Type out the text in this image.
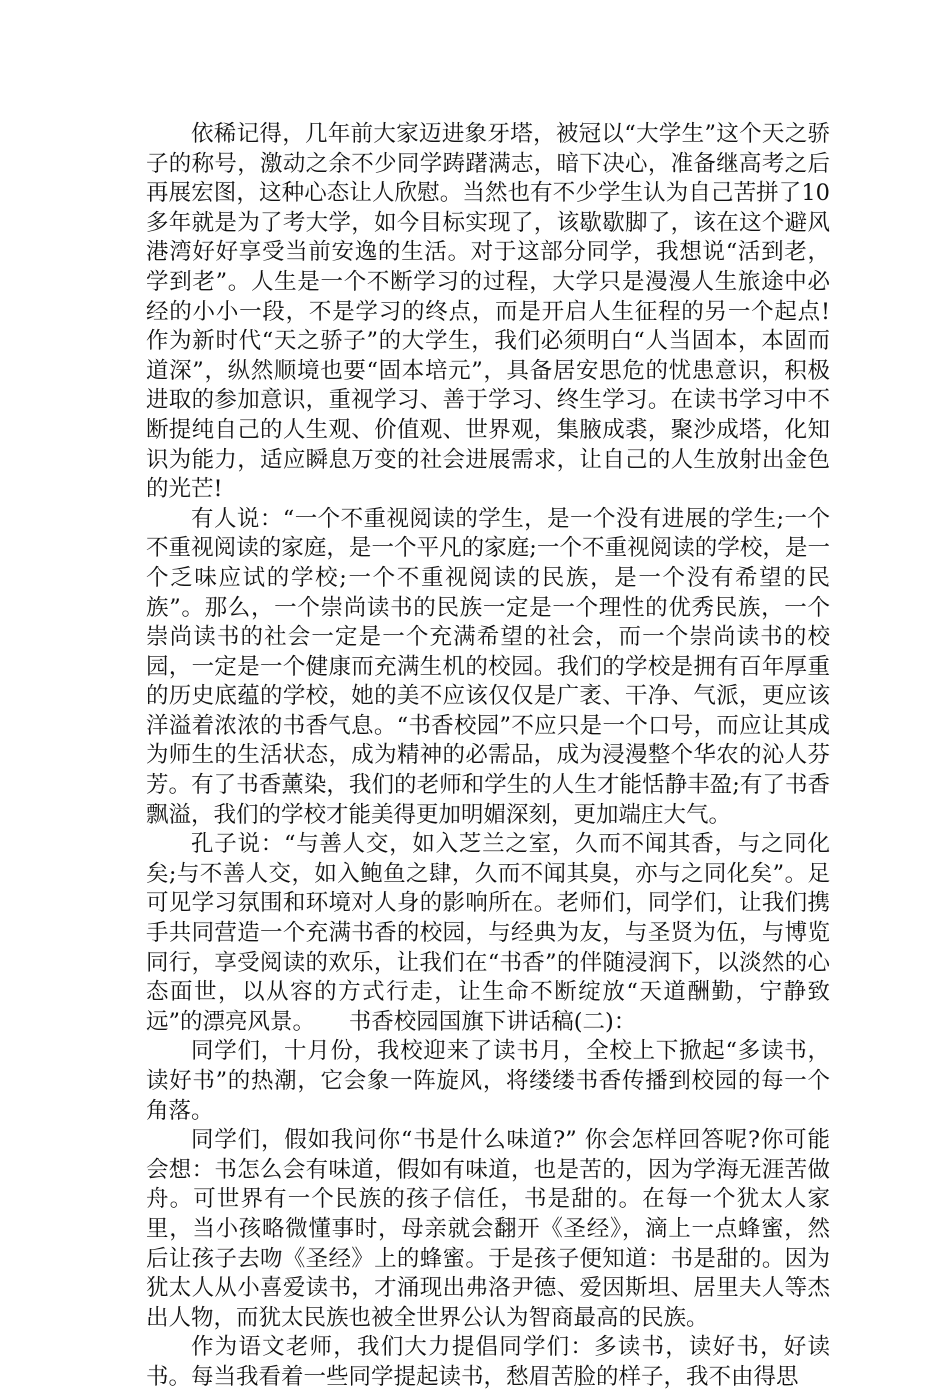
依稀记得，几年前大家迈进象牙塔，被冠以“大学生”这个天之骄子的称号，激动之余不少同学踌躇满志，暗下决心，准备继高考之后再展宏图，这种心态让人欣慰。当然也有不少学生认为自己苦拼了10多年就是为了考大学，如今目标实现了，该歇歇脚了，该在这个避风港湾好好享受当前安逸的生活。对于这部分同学，我想说“活到老，学到老”。人生是一个不断学习的过程，大学只是漫漫人生旅途中必经的小小一段，不是学习的终点，而是开启人生征程的另一个起点!作为新时代“天之骄子”的大学生，我们必须明白“人当固本，本固而道深”，纵然顺境也要“固本培元”，具备居安思危的忧患意识，积极进取的参加意识，重视学习、善于学习、终生学习。在读书学习中不断提纯自己的人生观、价值观、世界观，集腋成裘，聚沙成塔，化知识为能力，适应瞬息万变的社会进展需求，让自己的人生放射出金色的光芒!

有人说：“一个不重视阅读的学生，是一个没有进展的学生;一个不重视阅读的家庭，是一个平凡的家庭;一个不重视阅读的学校，是一个乏味应试的学校;一个不重视阅读的民族，是一个没有希望的民族”。那么，一个崇尚读书的民族一定是一个理性的优秀民族，一个崇尚读书的社会一定是一个充满希望的社会，而一个崇尚读书的校园，一定是一个健康而充满生机的校园。我们的学校是拥有百年厚重的历史底蕴的学校，她的美不应该仅仅是广袤、干净、气派，更应该洋溢着浓浓的书香气息。“书香校园”不应只是一个口号，而应让其成为师生的生活状态，成为精神的必需品，成为浸漫整个华农的沁人芬芳。有了书香薰染，我们的老师和学生的人生才能恬静丰盈;有了书香飘溢，我们的学校才能美得更加明媚深刻，更加端庄大气。

孔子说：“与善人交，如入芝兰之室，久而不闻其香，与之同化矣;与不善人交，如入鲍鱼之肆，久而不闻其臭，亦与之同化矣”。足可见学习氛围和环境对人身的影响所在。老师们，同学们，让我们携手共同营造一个充满书香的校园，与经典为友，与圣贤为伍，与博览同行，享受阅读的欢乐，让我们在“书香”的伴随浸润下，以淡然的心态面世，以从容的方式行走，让生命不断绽放“天道酬勤，宁静致远”的漂亮风景。　　书香校园国旗下讲话稿(二)：

同学们，十月份，我校迎来了读书月，全校上下掀起“多读书，读好书”的热潮，它会象一阵旋风，将缕缕书香传播到校园的每一个角落。

同学们，假如我问你“书是什么味道?” 你会怎样回答呢?你可能会想：书怎么会有味道，假如有味道，也是苦的，因为学海无涯苦做舟。可世界有一个民族的孩子信任，书是甜的。在每一个犹太人家里，当小孩略微懂事时，母亲就会翻开《圣经》，滴上一点蜂蜜，然后让孩子去吻《圣经》上的蜂蜜。于是孩子便知道：书是甜的。因为犹太人从小喜爱读书，才涌现出弗洛尹德、爱因斯坦、居里夫人等杰出人物，而犹太民族也被全世界公认为智商最高的民族。

作为语文老师，我们大力提倡同学们：多读书，读好书，好读书。每当我看着一些同学提起读书，愁眉苦脸的样子，我不由得思
